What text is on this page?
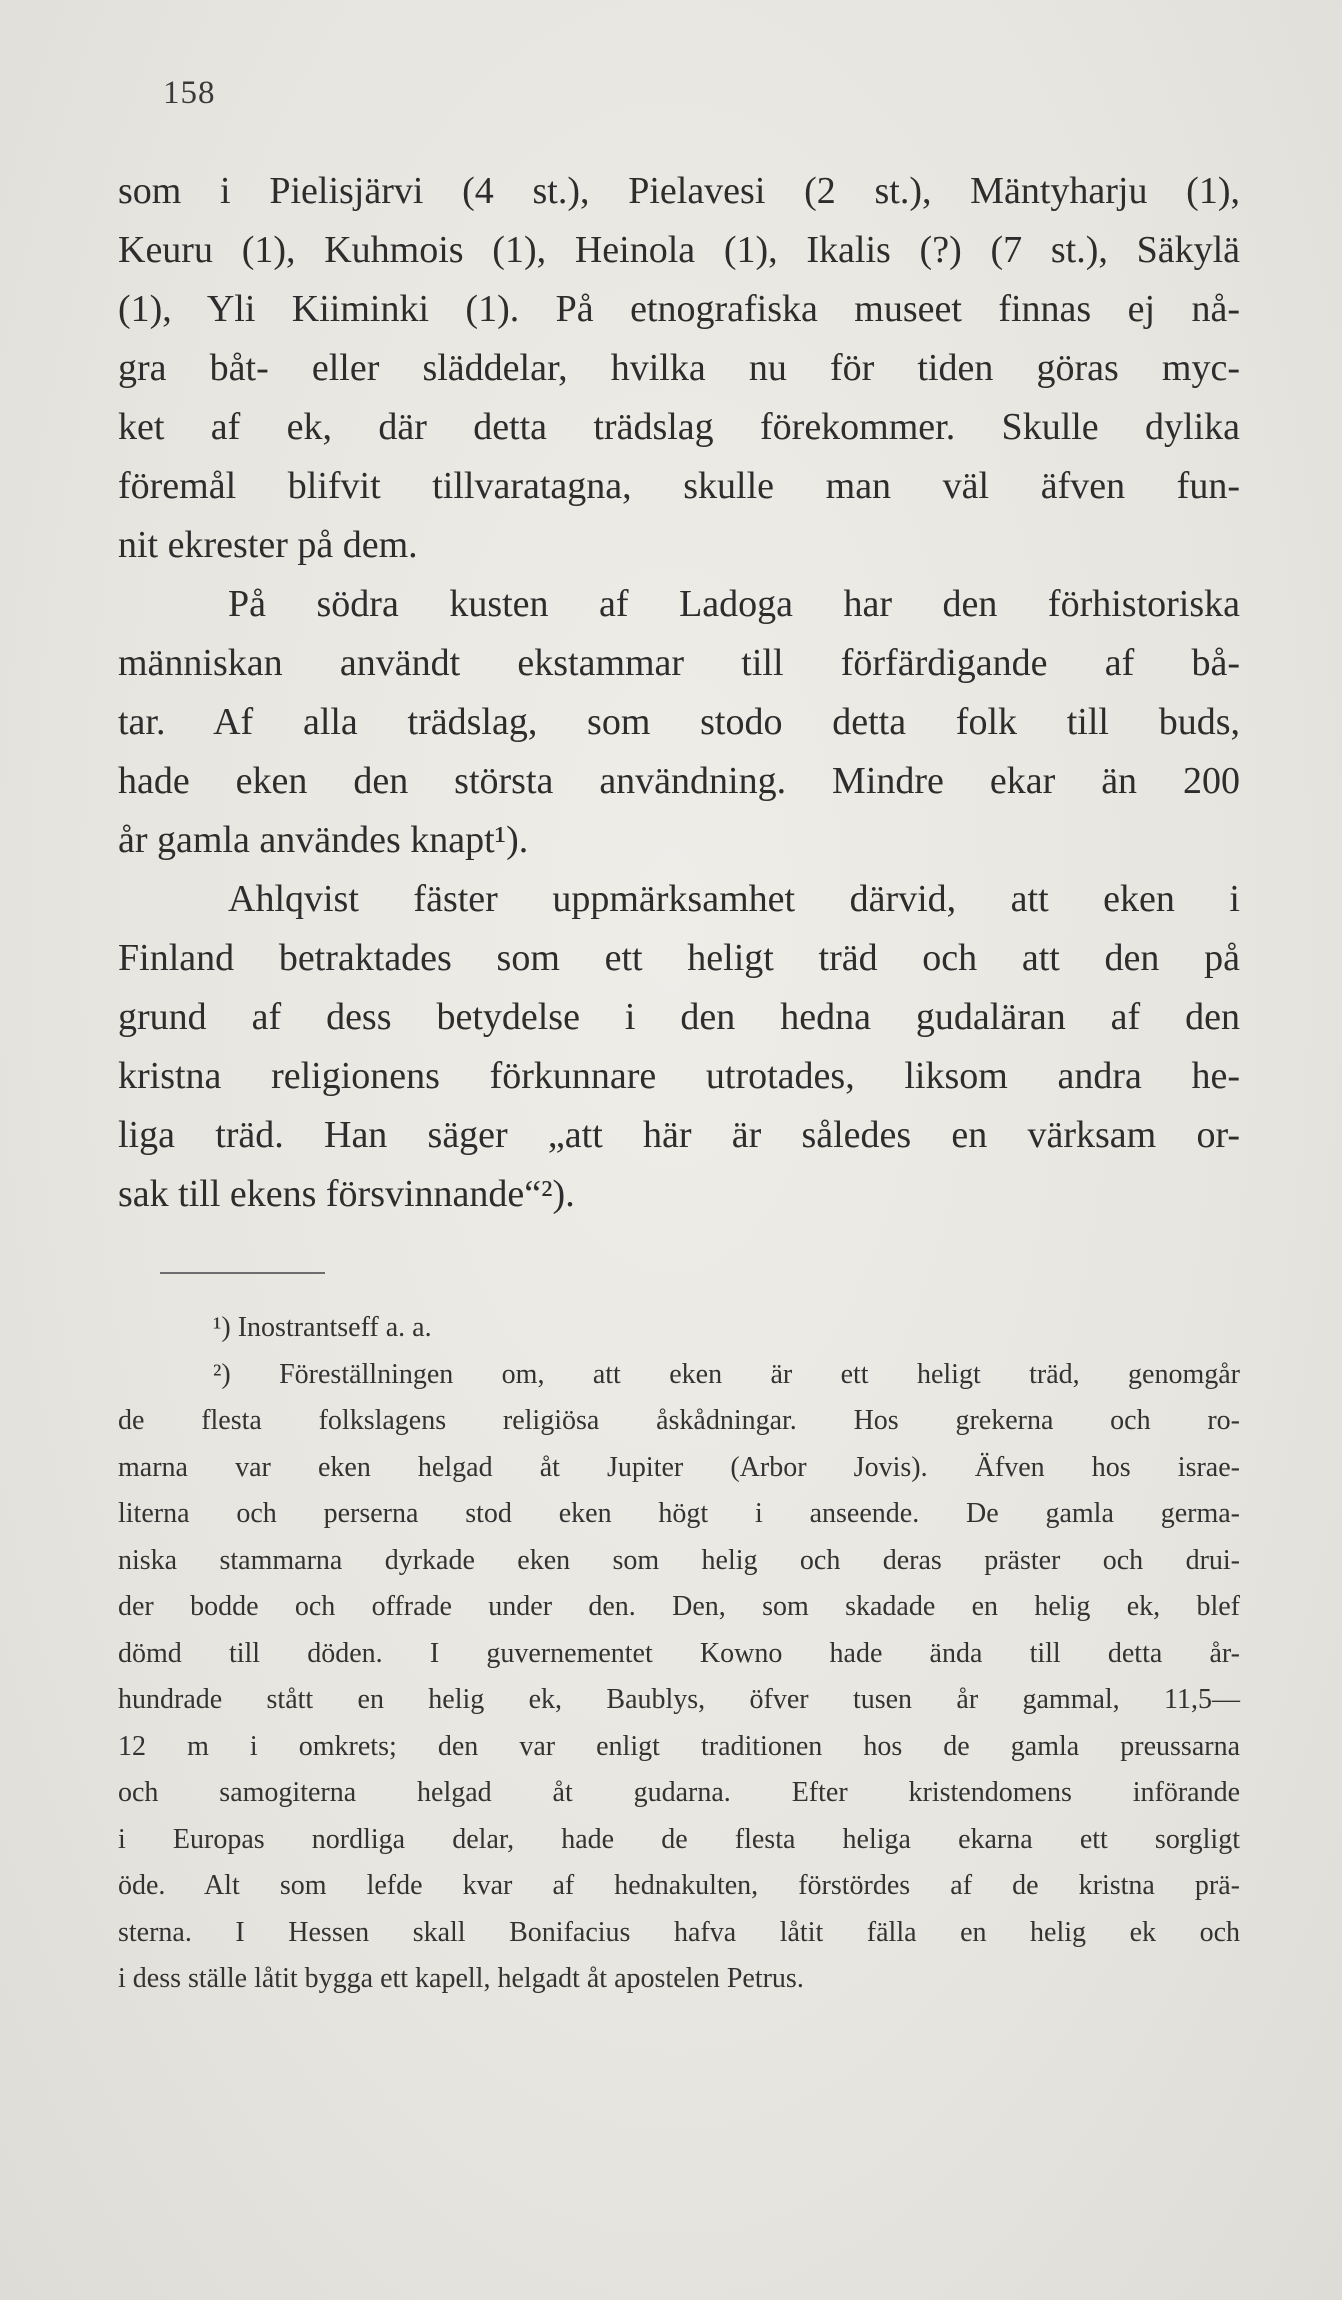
158
som i Pielisjärvi (4 st.), Pielavesi (2 st.), Mäntyharju (1),
Keuru (1), Kuhmois (1), Heinola (1), Ikalis (?) (7 st.), Säkylä
(1), Yli Kiiminki (1). På etnografiska museet finnas ej nå-
gra båt- eller släddelar, hvilka nu för tiden göras myc-
ket af ek, där detta trädslag förekommer. Skulle dylika
föremål blifvit tillvaratagna, skulle man väl äfven fun-
nit ekrester på dem.
På södra kusten af Ladoga har den förhistoriska
människan användt ekstammar till förfärdigande af bå-
tar. Af alla trädslag, som stodo detta folk till buds,
hade eken den största användning. Mindre ekar än 200
år gamla användes knapt¹).
Ahlqvist fäster uppmärksamhet därvid, att eken i
Finland betraktades som ett heligt träd och att den på
grund af dess betydelse i den hedna gudaläran af den
kristna religionens förkunnare utrotades, liksom andra he-
liga träd. Han säger „att här är således en värksam or-
sak till ekens försvinnande“²).
¹) Inostrantseff a. a.
²) Föreställningen om, att eken är ett heligt träd, genomgår
de flesta folkslagens religiösa åskådningar. Hos grekerna och ro-
marna var eken helgad åt Jupiter (Arbor Jovis). Äfven hos israe-
literna och perserna stod eken högt i anseende. De gamla germa-
niska stammarna dyrkade eken som helig och deras präster och drui-
der bodde och offrade under den. Den, som skadade en helig ek, blef
dömd till döden. I guvernementet Kowno hade ända till detta år-
hundrade stått en helig ek, Baublys, öfver tusen år gammal, 11,5—
12 m i omkrets; den var enligt traditionen hos de gamla preussarna
och samogiterna helgad åt gudarna. Efter kristendomens införande
i Europas nordliga delar, hade de flesta heliga ekarna ett sorgligt
öde. Alt som lefde kvar af hednakulten, förstördes af de kristna prä-
sterna. I Hessen skall Bonifacius hafva låtit fälla en helig ek och
i dess ställe låtit bygga ett kapell, helgadt åt apostelen Petrus.
